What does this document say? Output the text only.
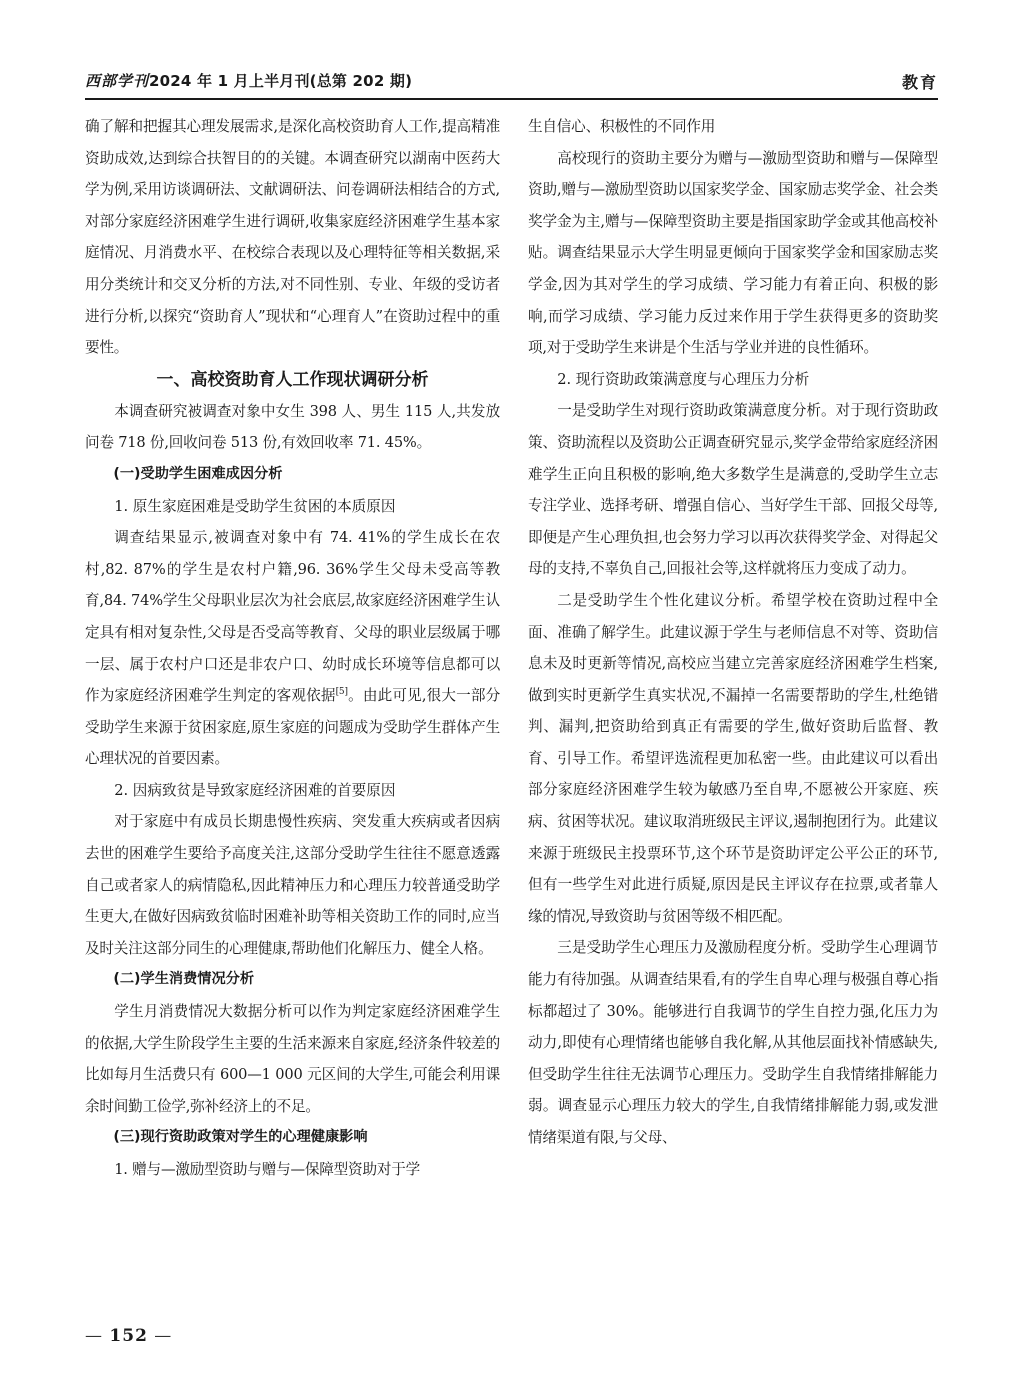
西部学刊2024 年 1 月上半月刊(总第 202 期)	教育

确了解和把握其心理发展需求,是深化高校资助育人工作,提高精准资助成效,达到综合扶智目的的关键。本调查研究以湖南中医药大学为例,采用访谈调研法、文献调研法、问卷调研法相结合的方式,对部分家庭经济困难学生进行调研,收集家庭经济困难学生基本家庭情况、月消费水平、在校综合表现以及心理特征等相关数据,采用分类统计和交叉分析的方法,对不同性别、专业、年级的受访者进行分析,以探究“资助育人”现状和“心理育人”在资助过程中的重要性。

一、高校资助育人工作现状调研分析

本调查研究被调查对象中女生 398 人、男生 115 人,共发放问卷 718 份,回收问卷 513 份,有效回收率 71. 45%。

(一)受助学生困难成因分析
1. 原生家庭困难是受助学生贫困的本质原因

调查结果显示,被调查对象中有 74. 41%的学生成长在农村,82. 87%的学生是农村户籍,96. 36%学生父母未受高等教育,84. 74%学生父母职业层次为社会底层,故家庭经济困难学生认定具有相对复杂性,父母是否受高等教育、父母的职业层级属于哪一层、属于农村户口还是非农户口、幼时成长环境等信息都可以作为家庭经济困难学生判定的客观依据[5]。由此可见,很大一部分受助学生来源于贫困家庭,原生家庭的问题成为受助学生群体产生心理状况的首要因素。

2. 因病致贫是导致家庭经济困难的首要原因

对于家庭中有成员长期患慢性疾病、突发重大疾病或者因病去世的困难学生要给予高度关注,这部分受助学生往往不愿意透露自己或者家人的病情隐私,因此精神压力和心理压力较普通受助学生更大,在做好因病致贫临时困难补助等相关资助工作的同时,应当及时关注这部分同生的心理健康,帮助他们化解压力、健全人格。

(二)学生消费情况分析

学生月消费情况大数据分析可以作为判定家庭经济困难学生的依据,大学生阶段学生主要的生活来源来自家庭,经济条件较差的比如每月生活费只有 600—1 000 元区间的大学生,可能会利用课余时间勤工俭学,弥补经济上的不足。

(三)现行资助政策对学生的心理健康影响

1. 赠与—激励型资助与赠与—保障型资助对于学

生自信心、积极性的不同作用

高校现行的资助主要分为赠与—激励型资助和赠与—保障型资助,赠与—激励型资助以国家奖学金、国家励志奖学金、社会类奖学金为主,赠与—保障型资助主要是指国家助学金或其他高校补贴。调查结果显示大学生明显更倾向于国家奖学金和国家励志奖学金,因为其对学生的学习成绩、学习能力有着正向、积极的影响,而学习成绩、学习能力反过来作用于学生获得更多的资助奖项,对于受助学生来讲是个生活与学业并进的良性循环。

2. 现行资助政策满意度与心理压力分析

一是受助学生对现行资助政策满意度分析。对于现行资助政策、资助流程以及资助公正调查研究显示,奖学金带给家庭经济困难学生正向且积极的影响,绝大多数学生是满意的,受助学生立志专注学业、选择考研、增强自信心、当好学生干部、回报父母等,即便是产生心理负担,也会努力学习以再次获得奖学金、对得起父母的支持,不辜负自己,回报社会等,这样就将压力变成了动力。

二是受助学生个性化建议分析。希望学校在资助过程中全面、准确了解学生。此建议源于学生与老师信息不对等、资助信息未及时更新等情况,高校应当建立完善家庭经济困难学生档案,做到实时更新学生真实状况,不漏掉一名需要帮助的学生,杜绝错判、漏判,把资助给到真正有需要的学生,做好资助后监督、教育、引导工作。希望评选流程更加私密一些。由此建议可以看出部分家庭经济困难学生较为敏感乃至自卑,不愿被公开家庭、疾病、贫困等状况。建议取消班级民主评议,遏制抱团行为。此建议来源于班级民主投票环节,这个环节是资助评定公平公正的环节,但有一些学生对此进行质疑,原因是民主评议存在拉票,或者靠人缘的情况,导致资助与贫困等级不相匹配。

三是受助学生心理压力及激励程度分析。受助学生心理调节能力有待加强。从调查结果看,有的学生自卑心理与极强自尊心指标都超过了 30%。能够进行自我调节的学生自控力强,化压力为动力,即使有心理情绪也能够自我化解,从其他层面找补情感缺失,但受助学生往往无法调节心理压力。受助学生自我情绪排解能力弱。调查显示心理压力较大的学生,自我情绪排解能力弱,或发泄情绪渠道有限,与父母、

— 152 —
